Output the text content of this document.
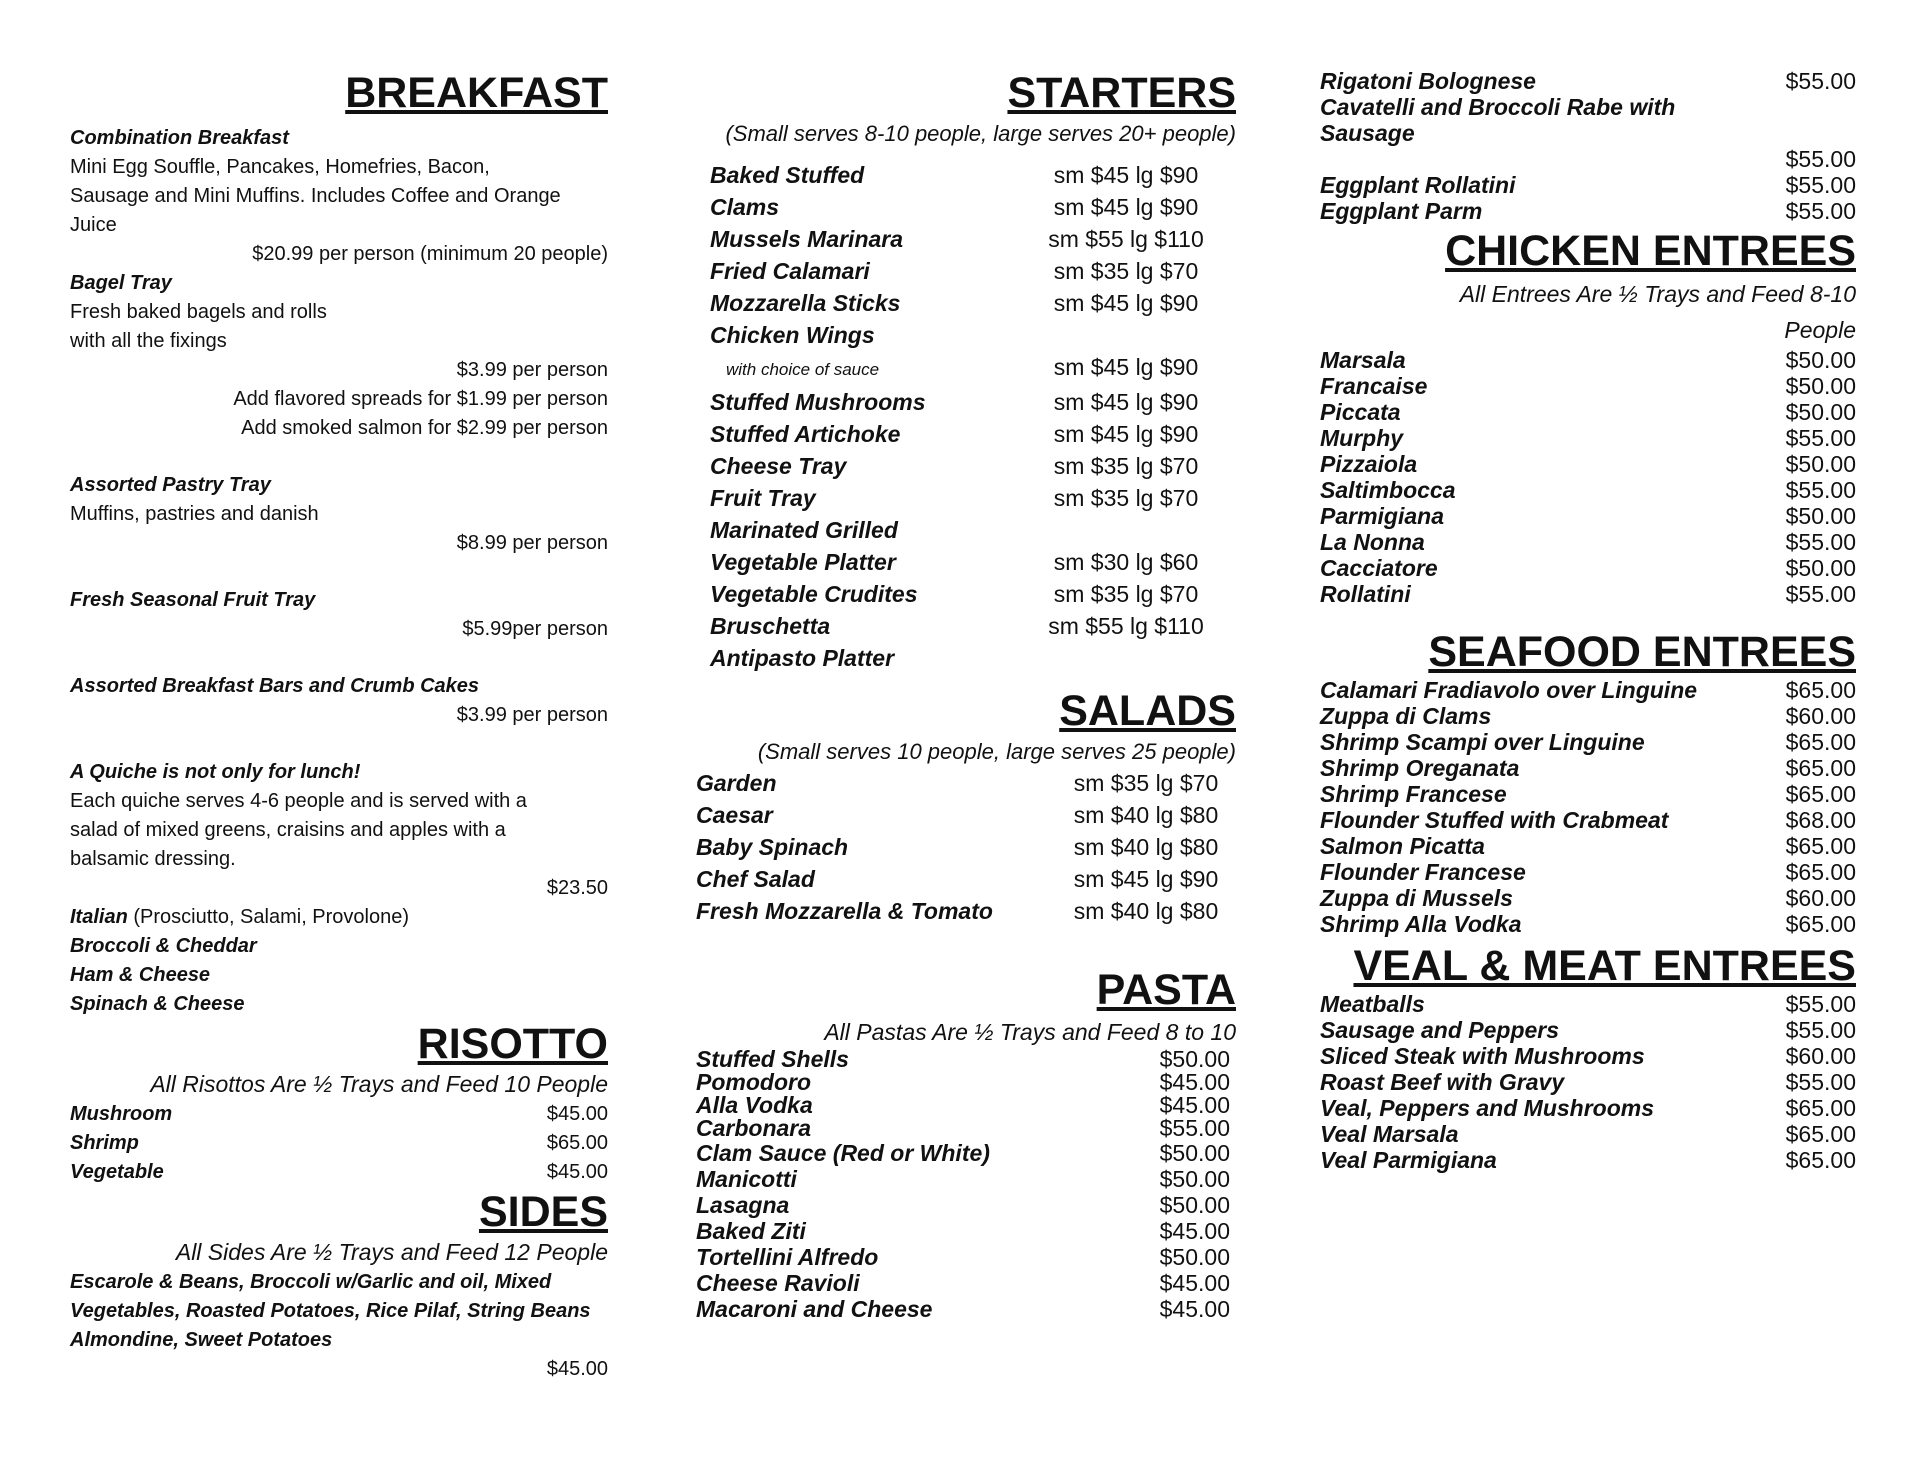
BREAKFAST
Combination Breakfast
Mini Egg Souffle, Pancakes, Homefries, Bacon, Sausage and Mini Muffins. Includes Coffee and Orange Juice
$20.99 per person (minimum 20 people)
Bagel Tray
Fresh baked bagels and rolls
with all the fixings
$3.99 per person
Add flavored spreads for $1.99 per person
Add smoked salmon for $2.99 per person
Assorted Pastry Tray
Muffins, pastries and danish
$8.99 per person
Fresh Seasonal Fruit Tray
$5.99per person
Assorted Breakfast Bars and Crumb Cakes
$3.99 per person
A Quiche is not only for lunch!
Each quiche serves 4-6 people and is served with a salad of mixed greens, craisins and apples with a balsamic dressing.
$23.50
Italian (Prosciutto, Salami, Provolone)
Broccoli & Cheddar
Ham & Cheese
Spinach & Cheese
RISOTTO
All Risottos Are ½ Trays and Feed 10 People
Mushroom	$45.00
Shrimp	$65.00
Vegetable	$45.00
SIDES
All Sides Are ½ Trays and Feed 12 People
Escarole & Beans, Broccoli w/Garlic and oil, Mixed Vegetables, Roasted Potatoes, Rice Pilaf, String Beans Almondine, Sweet Potatoes
$45.00
STARTERS
(Small serves 8-10 people, large serves 20+ people)
Baked Stuffed	sm $45 lg $90
Clams	sm $45 lg $90
Mussels Marinara	sm $55 lg $110
Fried Calamari	sm $35 lg $70
Mozzarella Sticks	sm $45 lg $90
Chicken Wings
with choice of sauce	sm $45 lg $90
Stuffed Mushrooms	sm $45 lg $90
Stuffed Artichoke	sm $45 lg $90
Cheese Tray	sm $35 lg $70
Fruit Tray	sm $35 lg $70
Marinated Grilled
Vegetable Platter	sm $30 lg $60
Vegetable Crudites	sm $35 lg $70
Bruschetta	sm $55 lg $110
Antipasto Platter
SALADS
(Small serves 10 people, large serves 25 people)
Garden	sm $35 lg $70
Caesar	sm $40 lg $80
Baby Spinach	sm $40 lg $80
Chef Salad	sm $45 lg $90
Fresh Mozzarella & Tomato	sm $40 lg $80
PASTA
All Pastas Are ½ Trays and Feed 8 to 10
Stuffed Shells	$50.00
Pomodoro	$45.00
Alla Vodka	$45.00
Carbonara	$55.00
Clam Sauce (Red or White)	$50.00
Manicotti	$50.00
Lasagna	$50.00
Baked Ziti	$45.00
Tortellini Alfredo	$50.00
Cheese Ravioli	$45.00
Macaroni and Cheese	$45.00
Rigatoni Bolognese	$55.00
Cavatelli and Broccoli Rabe with Sausage
$55.00
Eggplant Rollatini	$55.00
Eggplant Parm	$55.00
CHICKEN ENTREES
All Entrees Are ½ Trays and Feed 8-10
People
Marsala	$50.00
Francaise	$50.00
Piccata	$50.00
Murphy	$55.00
Pizzaiola	$50.00
Saltimbocca	$55.00
Parmigiana	$50.00
La Nonna	$55.00
Cacciatore	$50.00
Rollatini	$55.00
SEAFOOD ENTREES
Calamari Fradiavolo over Linguine	$65.00
Zuppa di Clams	$60.00
Shrimp Scampi over Linguine	$65.00
Shrimp Oreganata	$65.00
Shrimp Francese	$65.00
Flounder Stuffed with Crabmeat	$68.00
Salmon Picatta	$65.00
Flounder Francese	$65.00
Zuppa di Mussels	$60.00
Shrimp Alla Vodka	$65.00
VEAL & MEAT ENTREES
Meatballs	$55.00
Sausage and Peppers	$55.00
Sliced Steak with Mushrooms	$60.00
Roast Beef with Gravy	$55.00
Veal, Peppers and Mushrooms	$65.00
Veal Marsala	$65.00
Veal Parmigiana	$65.00
